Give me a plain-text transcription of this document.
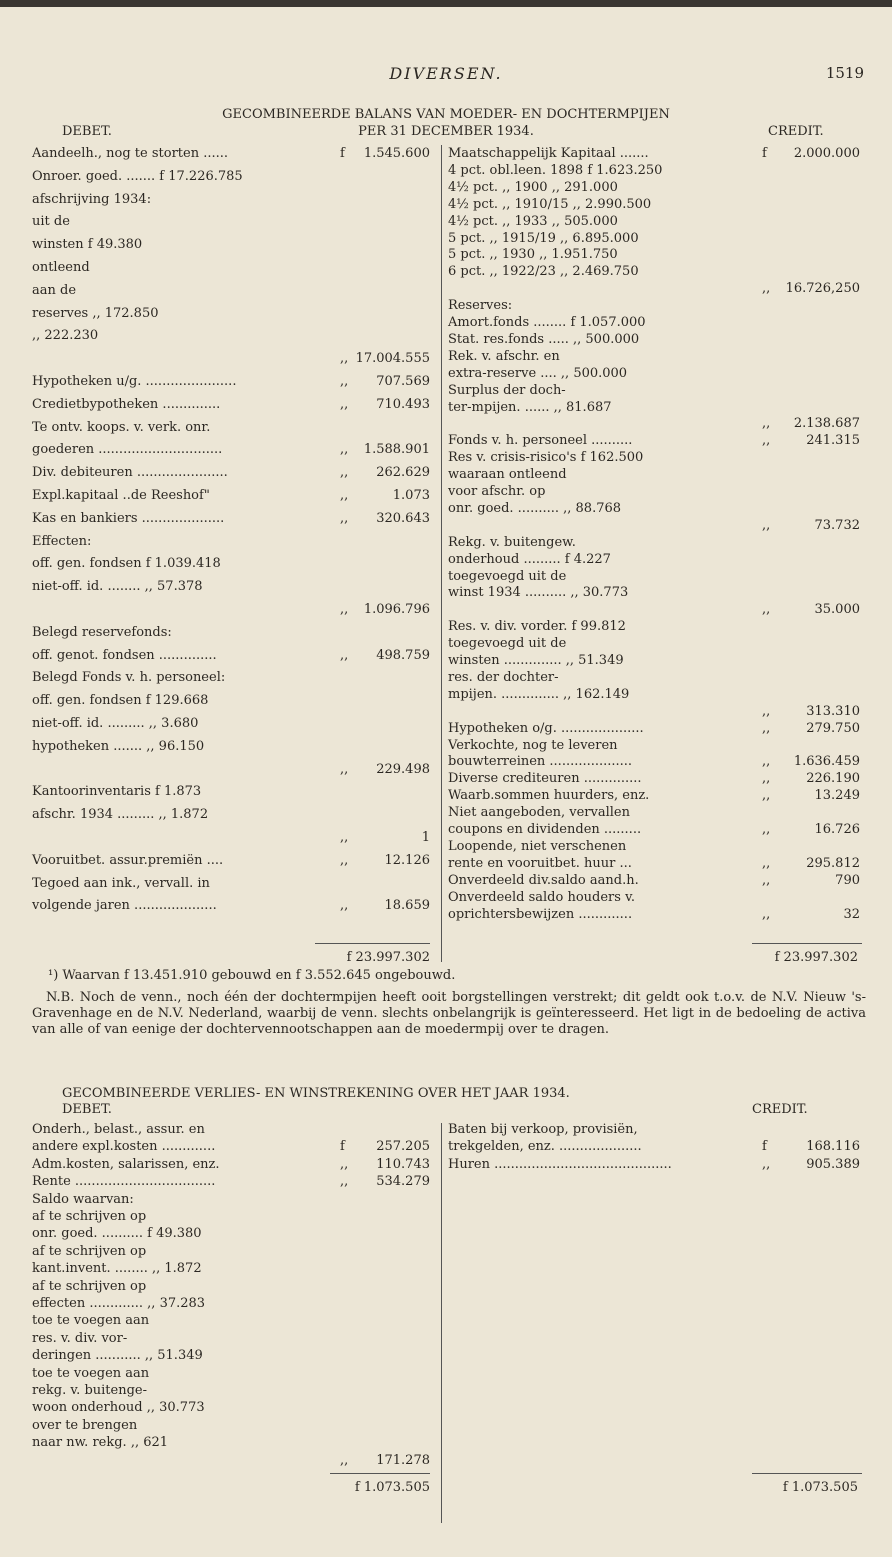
DIVERSEN.	1519
GECOMBINEERDE BALANS VAN MOEDER- EN DOCHTERMPIJEN
DEBET.	PER 31 DECEMBER 1934.	CREDIT.
Aandeelh., nog te storten ......	f	1.545.600
Onroer. goed. ....... f 17.226.785
afschrijving 1934:
uit de
winsten f 49.380
ontleend
aan de
reserves ,, 172.850
,, 222.230
,, 17.004.555
Hypotheken u/g. ......................	,,	707.569
Credietbypotheken ..............	,,	710.493
Te ontv. koops. v. verk. onr.
goederen ..............................	,,	1.588.901
Div. debiteuren ......................	,,	262.629
Expl.kapitaal ..de Reeshof"	,,	1.073
Kas en bankiers ....................	,,	320.643
Effecten:
off. gen. fondsen f 1.039.418
niet-off. id. ........ ,, 57.378
,,	1.096.796
Belegd reservefonds:
off. genot. fondsen ..............	,,	498.759
Belegd Fonds v. h. personeel:
off. gen. fondsen f 129.668
niet-off. id. ......... ,, 3.680
hypotheken ....... ,, 96.150
,,	229.498
Kantoorinventaris f 1.873
afschr. 1934 ......... ,, 1.872
,,	1
Vooruitbet. assur.premiën ....	,,	12.126
Tegoed aan ink., vervall. in
volgende jaren ....................	,,	18.659
Maatschappelijk Kapitaal .......	f	2.000.000
4 pct. obl.leen. 1898 f 1.623.250
4½ pct. ,, 1900 ,, 291.000
4½ pct. ,, 1910/15 ,, 2.990.500
4½ pct. ,, 1933 ,, 505.000
5 pct. ,, 1915/19 ,, 6.895.000
5 pct. ,, 1930 ,, 1.951.750
6 pct. ,, 1922/23 ,, 2.469.750
,,	16.726,250
Reserves:
Amort.fonds ........ f 1.057.000
Stat. res.fonds ..... ,, 500.000
Rek. v. afschr. en
extra-reserve .... ,, 500.000
Surplus der doch-
ter-mpijen. ...... ,, 81.687
,,	2.138.687
Fonds v. h. personeel ..........	,,	241.315
Res v. crisis-risico's f 162.500
waaraan ontleend
voor afschr. op
onr. goed. .......... ,, 88.768
,,	73.732
Rekg. v. buitengew.
onderhoud ......... f 4.227
toegevoegd uit de
winst 1934 .......... ,, 30.773
,,	35.000
Res. v. div. vorder. f 99.812
toegevoegd uit de
winsten .............. ,, 51.349
res. der dochter-
mpijen. .............. ,, 162.149
,,	313.310
Hypotheken o/g. ....................	,,	279.750
Verkochte, nog te leveren
bouwterreinen ....................	,,	1.636.459
Diverse crediteuren ..............	,,	226.190
Waarb.sommen huurders, enz.	,,	13.249
Niet aangeboden, vervallen
coupons en dividenden .........	,,	16.726
Loopende, niet verschenen
rente en vooruitbet. huur ...	,,	295.812
Onverdeeld div.saldo aand.h.	,,	790
Onverdeeld saldo houders v.
oprichtersbewijzen .............	,,	32
f 23.997.302	f 23.997.302
¹) Waarvan f 13.451.910 gebouwd en f 3.552.645 ongebouwd.
N.B. Noch de venn., noch één der dochtermpijen heeft ooit borgstellingen verstrekt; dit geldt ook t.o.v. de N.V. Nieuw 's-Gravenhage en de N.V. Nederland, waarbij de venn. slechts onbelangrijk is geïnteresseerd. Het ligt in de bedoeling de activa van alle of van eenige der dochtervennootschappen aan de moedermpij over te dragen.
GECOMBINEERDE VERLIES- EN WINSTREKENING OVER HET JAAR 1934.
DEBET.	CREDIT.
Onderh., belast., assur. en
andere expl.kosten .............	f	257.205
Adm.kosten, salarissen, enz.	,,	110.743
Rente ..................................	,,	534.279
Saldo waarvan:
af te schrijven op
onr. goed. .......... f 49.380
af te schrijven op
kant.invent. ........ ,, 1.872
af te schrijven op
effecten ............. ,, 37.283
toe te voegen aan
res. v. div. vor-
deringen ........... ,, 51.349
toe te voegen aan
rekg. v. buitenge-
woon onderhoud ,, 30.773
over te brengen
naar nw. rekg. ,, 621
,,	171.278
Baten bij verkoop, provisiën,
trekgelden, enz. ....................	f	168.116
Huren ...........................................	,,	905.389
f 1.073.505	f 1.073.505
